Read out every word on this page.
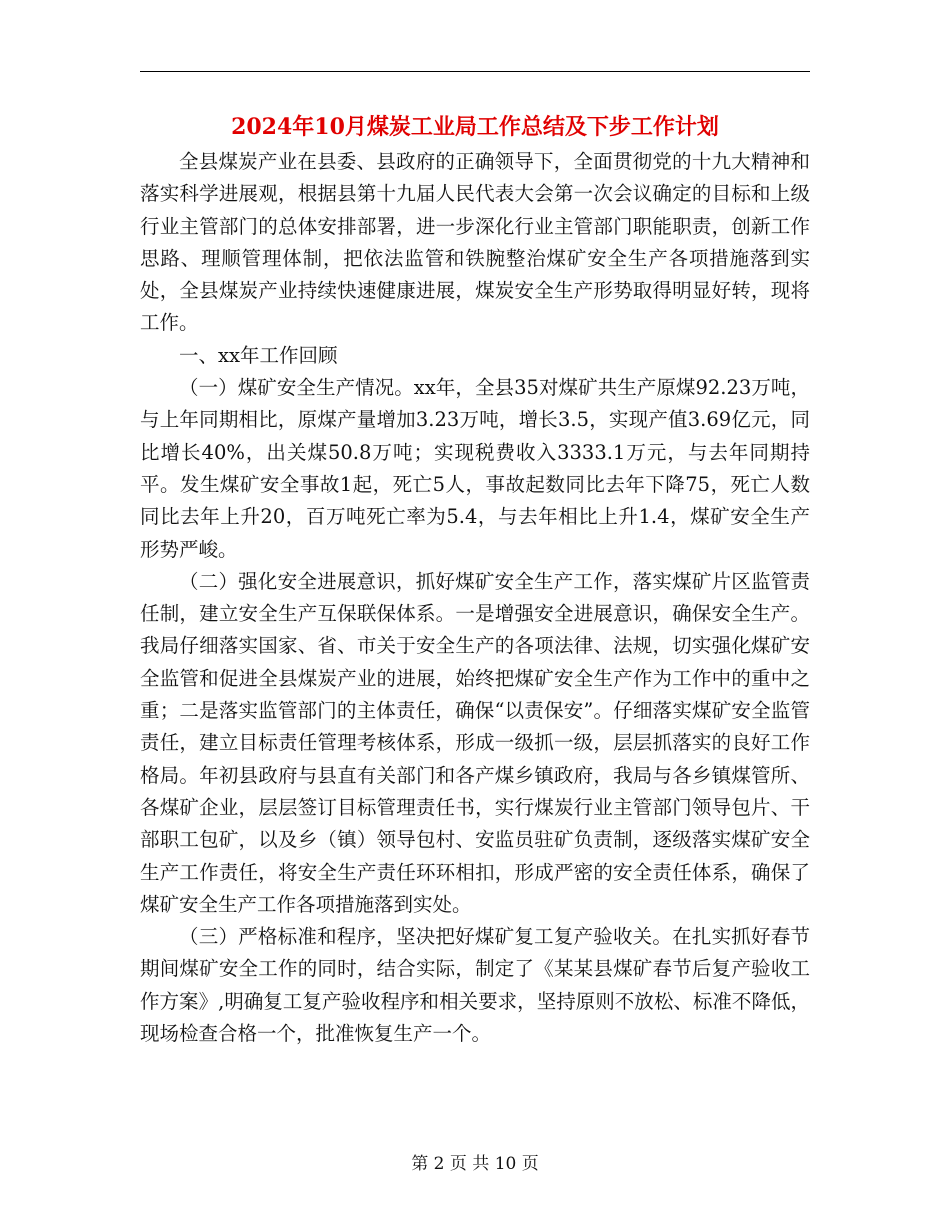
2024年10月煤炭工业局工作总结及下步工作计划

全县煤炭产业在县委、县政府的正确领导下，全面贯彻党的十九大精神和落实科学进展观，根据县第十九届人民代表大会第一次会议确定的目标和上级行业主管部门的总体安排部署，进一步深化行业主管部门职能职责，创新工作思路、理顺管理体制，把依法监管和铁腕整治煤矿安全生产各项措施落到实处，全县煤炭产业持续快速健康进展，煤炭安全生产形势取得明显好转，现将工作。

一、xx年工作回顾

（一）煤矿安全生产情况。xx年，全县35对煤矿共生产原煤92.23万吨，与上年同期相比，原煤产量增加3.23万吨，增长3.5，实现产值3.69亿元，同比增长40%，出关煤50.8万吨；实现税费收入3333.1万元，与去年同期持平。发生煤矿安全事故1起，死亡5人，事故起数同比去年下降75，死亡人数同比去年上升20，百万吨死亡率为5.4，与去年相比上升1.4，煤矿安全生产形势严峻。

（二）强化安全进展意识，抓好煤矿安全生产工作，落实煤矿片区监管责任制，建立安全生产互保联保体系。一是增强安全进展意识，确保安全生产。我局仔细落实国家、省、市关于安全生产的各项法律、法规，切实强化煤矿安全监管和促进全县煤炭产业的进展，始终把煤矿安全生产作为工作中的重中之重；二是落实监管部门的主体责任，确保“以责保安”。仔细落实煤矿安全监管责任，建立目标责任管理考核体系，形成一级抓一级，层层抓落实的良好工作格局。年初县政府与县直有关部门和各产煤乡镇政府，我局与各乡镇煤管所、各煤矿企业，层层签订目标管理责任书，实行煤炭行业主管部门领导包片、干部职工包矿，以及乡（镇）领导包村、安监员驻矿负责制，逐级落实煤矿安全生产工作责任，将安全生产责任环环相扣，形成严密的安全责任体系，确保了煤矿安全生产工作各项措施落到实处。

（三）严格标准和程序，坚决把好煤矿复工复产验收关。在扎实抓好春节期间煤矿安全工作的同时，结合实际，制定了《某某县煤矿春节后复产验收工作方案》,明确复工复产验收程序和相关要求，坚持原则不放松、标准不降低，现场检查合格一个，批准恢复生产一个。

第 2 页 共 10 页
